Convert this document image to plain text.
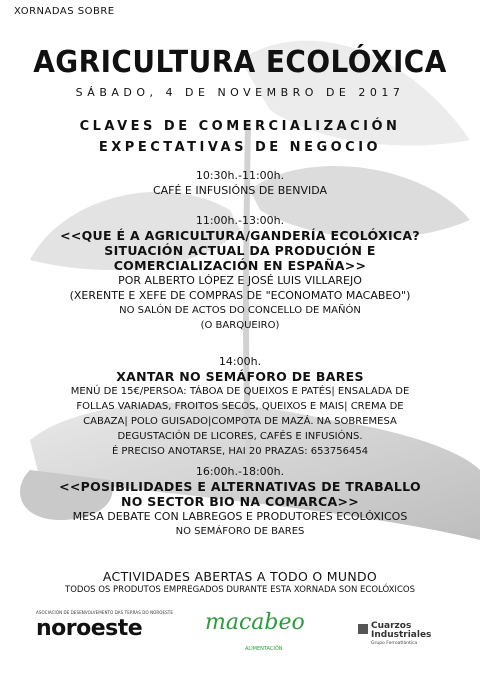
XORNADAS SOBRE
AGRICULTURA ECOLÓXICA
SÁBADO, 4 DE NOVEMBRO DE 2017
CLAVES DE COMERCIALIZACIÓN
EXPECTATIVAS DE NEGOCIO
10:30h.-11:00h.
CAFÉ E INFUSIÓNS DE BENVIDA
11:00h.-13:00h.
<<QUE É A AGRICULTURA/GANDERÍA ECOLÓXICA?
SITUACIÓN ACTUAL DA PRODUCIÓN E
COMERCIALIZACIÓN EN ESPAÑA>>
POR ALBERTO LÓPEZ E JOSÉ LUIS VILLAREJO
(XERENTE E XEFE DE COMPRAS DE "ECONOMATO MACABEO")
NO SALÓN DE ACTOS DO CONCELLO DE MAÑÓN
(O BARQUEIRO)
14:00h.
XANTAR NO SEMÁFORO DE BARES
MENÚ DE 15€/PERSOA: TÁBOA DE QUEIXOS E PATÉS| ENSALADA DE
FOLLAS VARIADAS, FROITOS SECOS, QUEIXOS E MAIS| CREMA DE
CABAZA| POLO GUISADO|COMPOTA DE MAZÁ. NA SOBREMESA
DEGUSTACIÓN DE LICORES, CAFÉS E INFUSIÓNS.
É PRECISO ANOTARSE, HAI 20 PRAZAS: 653756454
16:00h.-18:00h.
<<POSIBILIDADES E ALTERNATIVAS DE TRABALLO
NO SECTOR BIO NA COMARCA>>
MESA DEBATE CON LABREGOS E PRODUTORES ECOLÓXICOS
NO SEMÁFORO DE BARES
ACTIVIDADES ABERTAS A TODO O MUNDO
TODOS OS PRODUTOS EMPREGADOS DURANTE ESTA XORNADA SON ECOLÓXICOS
ASOCIACIÓN DE DESENVOLVEMENTO DAS TERRAS DO NOROESTE
noroeste	macabeo
ALIMENTACIÓN
Cuarzos
Industriales
Grupo Ferroatlántica
